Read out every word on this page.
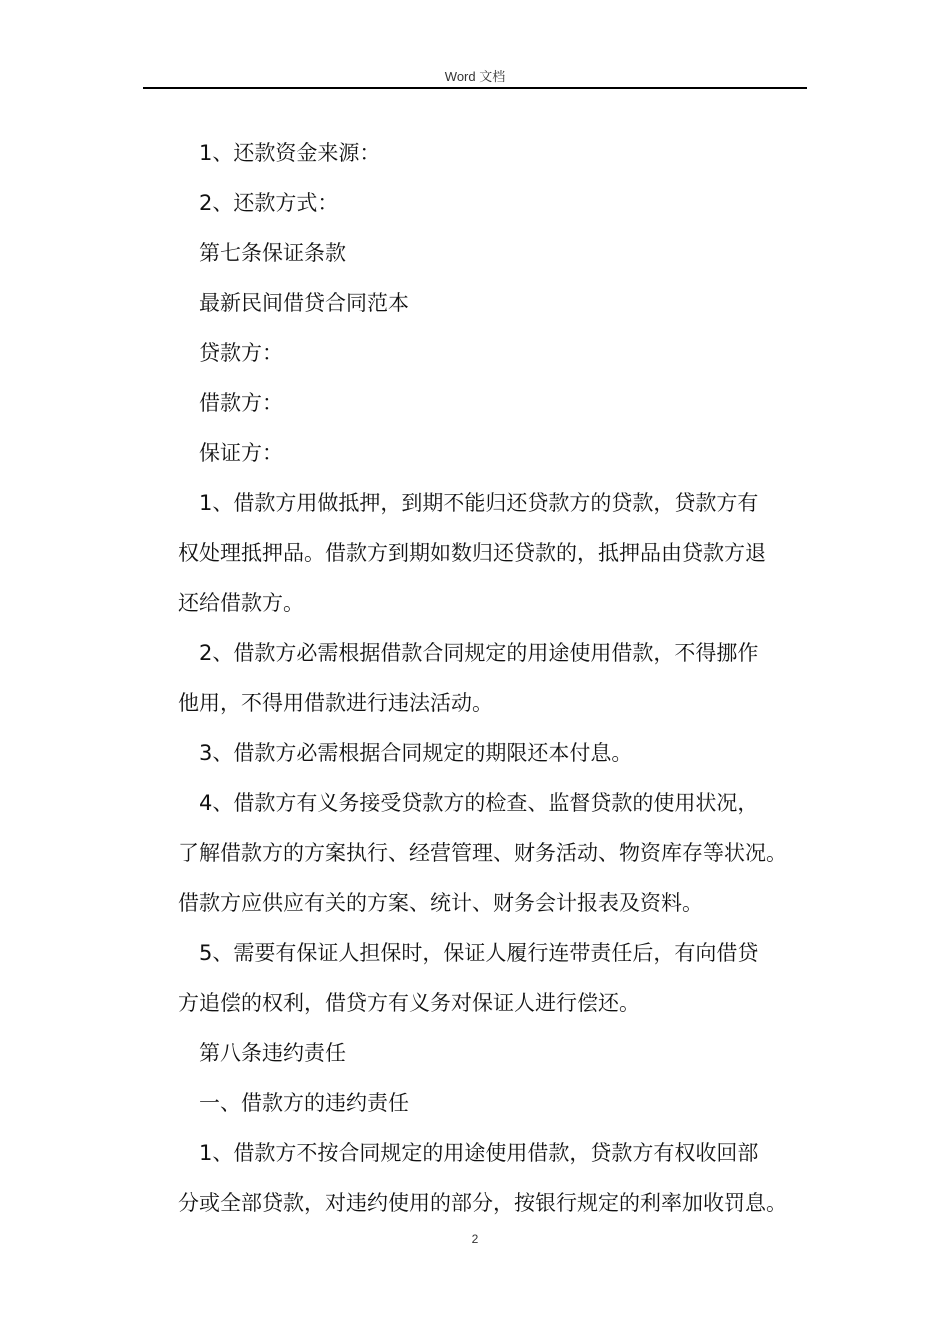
Word 文档
1、还款资金来源：
2、还款方式：
第七条保证条款
最新民间借贷合同范本
贷款方：
借款方：
保证方：
1、借款方用做抵押，到期不能归还贷款方的贷款，贷款方有
权处理抵押品。借款方到期如数归还贷款的，抵押品由贷款方退
还给借款方。
2、借款方必需根据借款合同规定的用途使用借款，不得挪作
他用，不得用借款进行违法活动。
3、借款方必需根据合同规定的期限还本付息。
4、借款方有义务接受贷款方的检查、监督贷款的使用状况，
了解借款方的方案执行、经营管理、财务活动、物资库存等状况。
借款方应供应有关的方案、统计、财务会计报表及资料。
5、需要有保证人担保时，保证人履行连带责任后，有向借贷
方追偿的权利，借贷方有义务对保证人进行偿还。
第八条违约责任
一、借款方的违约责任
1、借款方不按合同规定的用途使用借款，贷款方有权收回部
分或全部贷款，对违约使用的部分，按银行规定的利率加收罚息。
2
